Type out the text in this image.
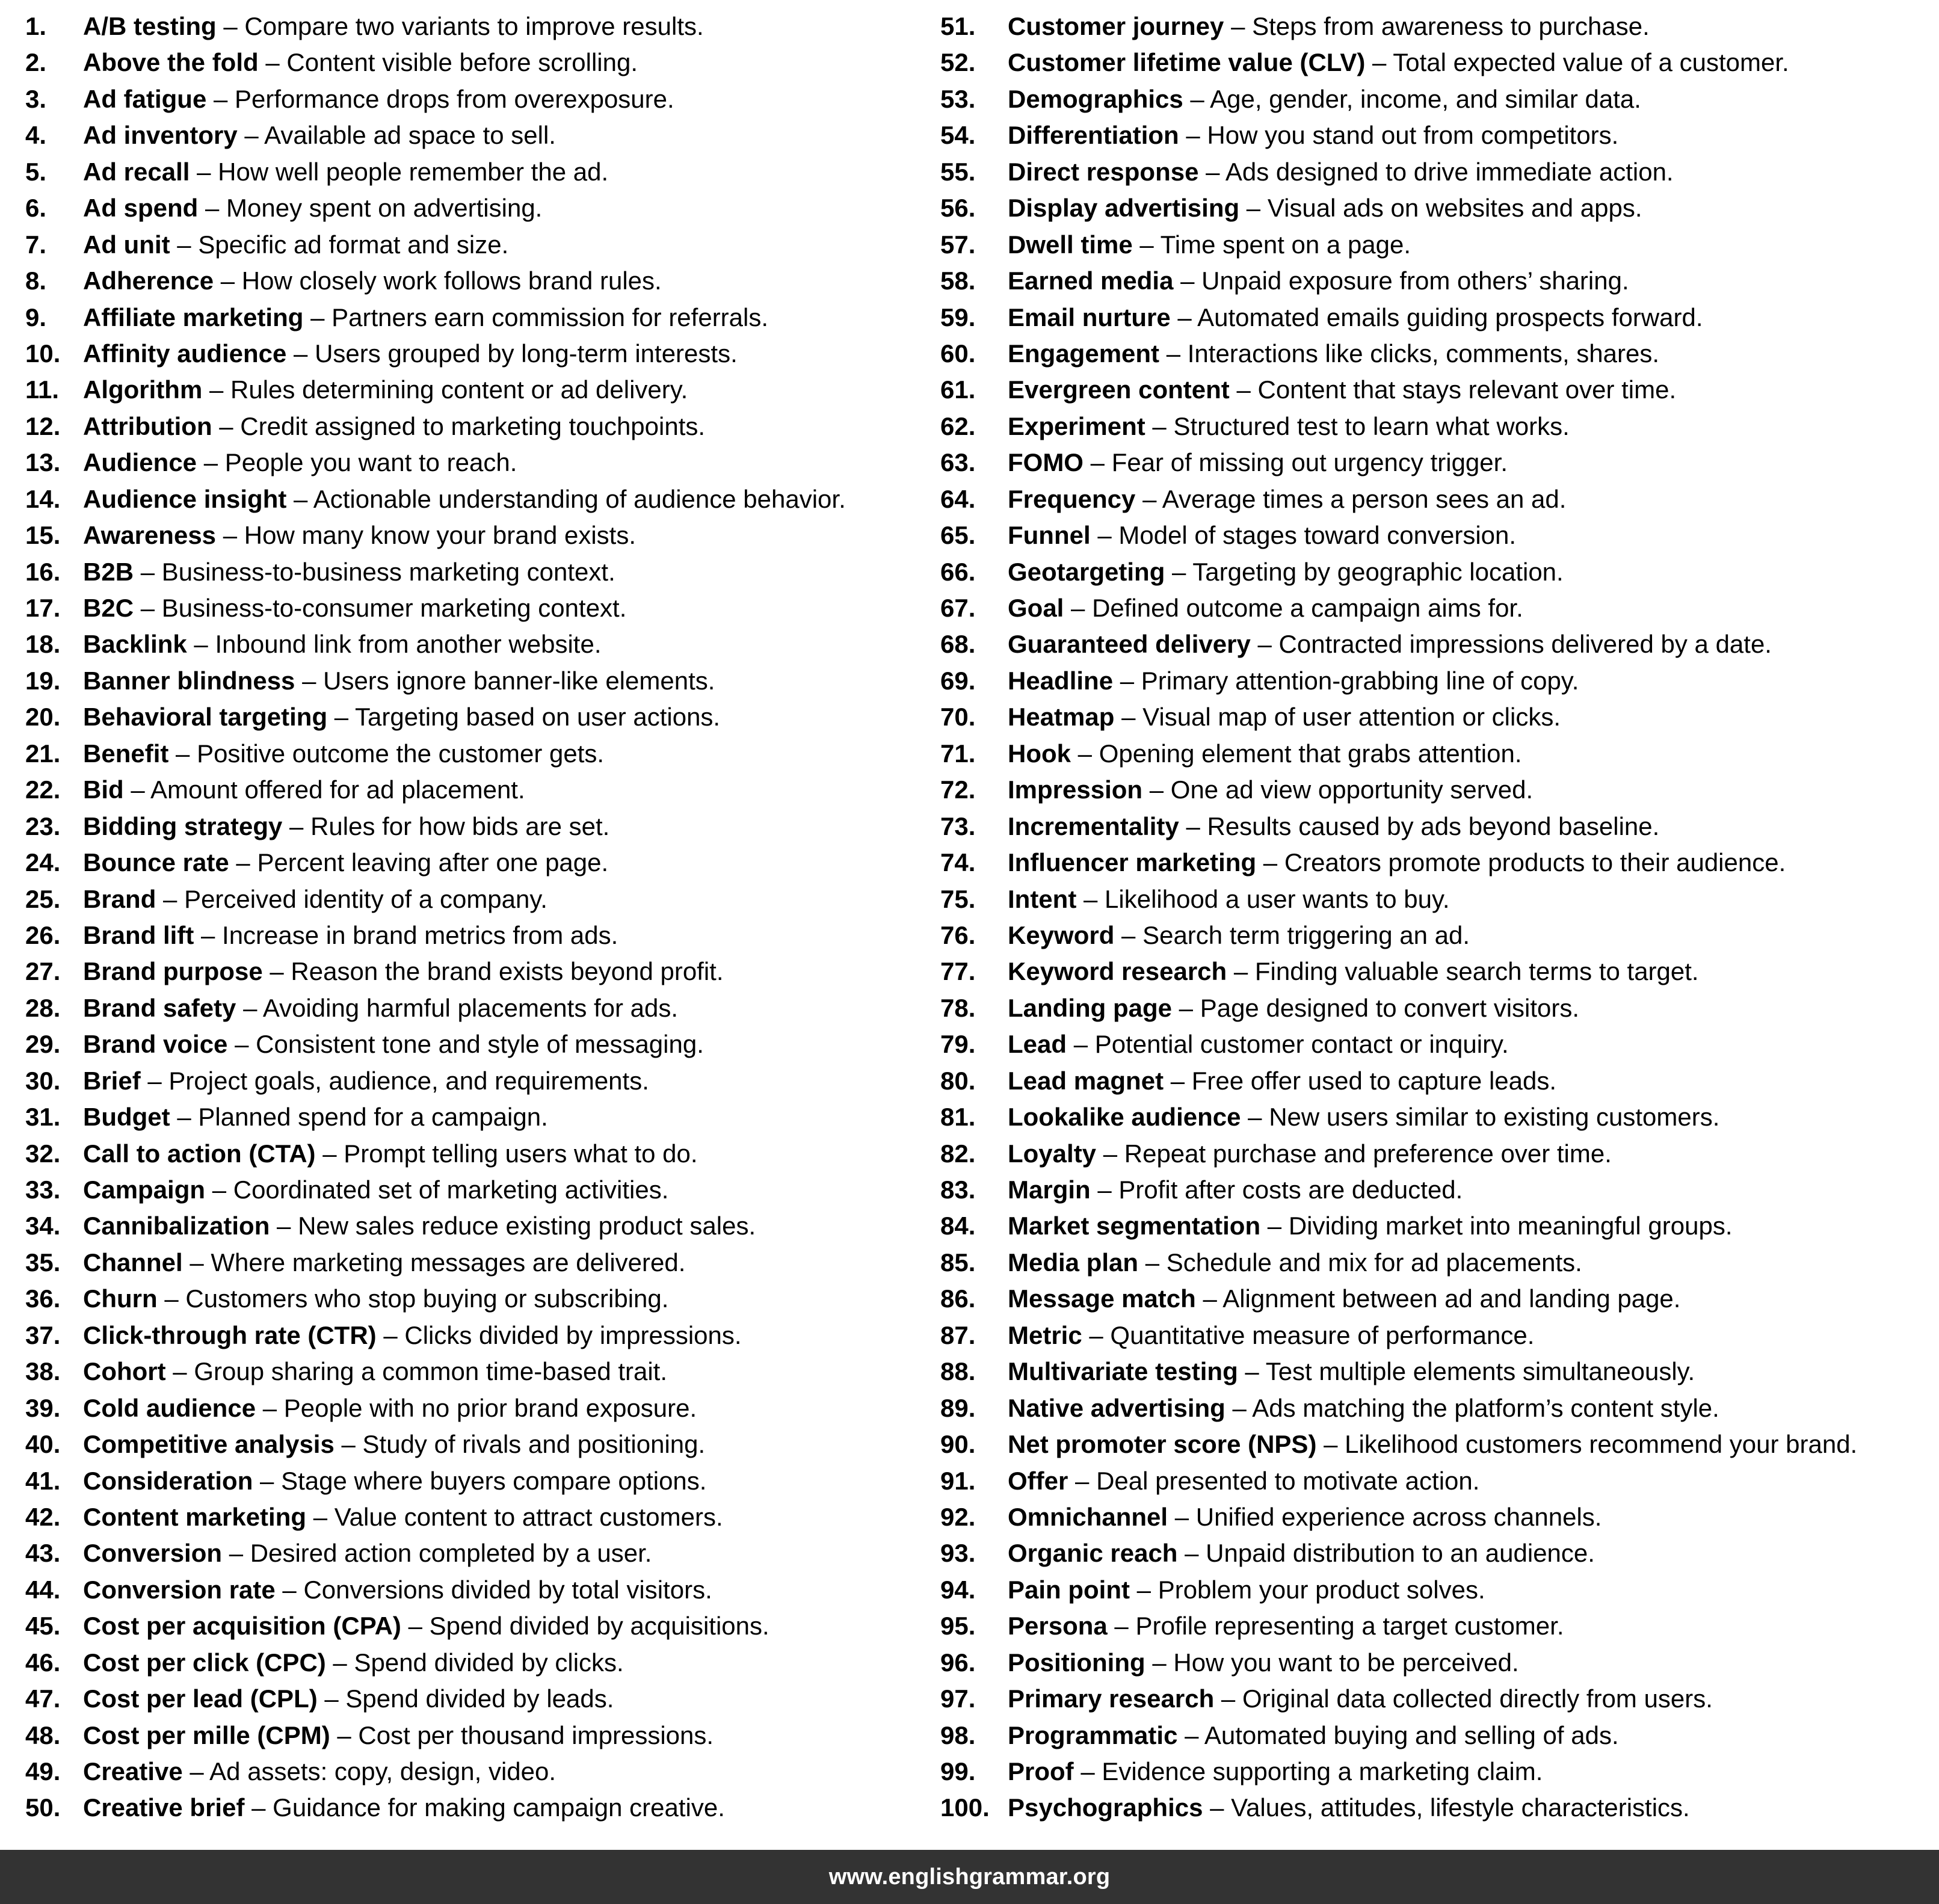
1.	A/B testing – Compare two variants to improve results.
2.	Above the fold – Content visible before scrolling.
3.	Ad fatigue – Performance drops from overexposure.
4.	Ad inventory – Available ad space to sell.
5.	Ad recall – How well people remember the ad.
6.	Ad spend – Money spent on advertising.
7.	Ad unit – Specific ad format and size.
8.	Adherence – How closely work follows brand rules.
9.	Affiliate marketing – Partners earn commission for referrals.
10. Affinity audience – Users grouped by long-term interests.
11. Algorithm – Rules determining content or ad delivery.
12. Attribution – Credit assigned to marketing touchpoints.
13. Audience – People you want to reach.
14. Audience insight – Actionable understanding of audience behavior.
15. Awareness – How many know your brand exists.
16. B2B – Business-to-business marketing context.
17. B2C – Business-to-consumer marketing context.
18. Backlink – Inbound link from another website.
19. Banner blindness – Users ignore banner-like elements.
20. Behavioral targeting – Targeting based on user actions.
21. Benefit – Positive outcome the customer gets.
22. Bid – Amount offered for ad placement.
23. Bidding strategy – Rules for how bids are set.
24. Bounce rate – Percent leaving after one page.
25. Brand – Perceived identity of a company.
26. Brand lift – Increase in brand metrics from ads.
27. Brand purpose – Reason the brand exists beyond profit.
28. Brand safety – Avoiding harmful placements for ads.
29. Brand voice – Consistent tone and style of messaging.
30. Brief – Project goals, audience, and requirements.
31. Budget – Planned spend for a campaign.
32. Call to action (CTA) – Prompt telling users what to do.
33. Campaign – Coordinated set of marketing activities.
34. Cannibalization – New sales reduce existing product sales.
35. Channel – Where marketing messages are delivered.
36. Churn – Customers who stop buying or subscribing.
37. Click-through rate (CTR) – Clicks divided by impressions.
38. Cohort – Group sharing a common time-based trait.
39. Cold audience – People with no prior brand exposure.
40. Competitive analysis – Study of rivals and positioning.
41. Consideration – Stage where buyers compare options.
42. Content marketing – Value content to attract customers.
43. Conversion – Desired action completed by a user.
44. Conversion rate – Conversions divided by total visitors.
45. Cost per acquisition (CPA) – Spend divided by acquisitions.
46. Cost per click (CPC) – Spend divided by clicks.
47. Cost per lead (CPL) – Spend divided by leads.
48. Cost per mille (CPM) – Cost per thousand impressions.
49. Creative – Ad assets: copy, design, video.
50. Creative brief – Guidance for making campaign creative.
51.	Customer journey – Steps from awareness to purchase.
52.	Customer lifetime value (CLV) – Total expected value of a customer.
53.	Demographics – Age, gender, income, and similar data.
54.	Differentiation – How you stand out from competitors.
55.	Direct response – Ads designed to drive immediate action.
56.	Display advertising – Visual ads on websites and apps.
57.	Dwell time – Time spent on a page.
58.	Earned media – Unpaid exposure from others’ sharing.
59.	Email nurture – Automated emails guiding prospects forward.
60.	Engagement – Interactions like clicks, comments, shares.
61.	Evergreen content – Content that stays relevant over time.
62.	Experiment – Structured test to learn what works.
63.	FOMO – Fear of missing out urgency trigger.
64.	Frequency – Average times a person sees an ad.
65.	Funnel – Model of stages toward conversion.
66.	Geotargeting – Targeting by geographic location.
67.	Goal – Defined outcome a campaign aims for.
68.	Guaranteed delivery – Contracted impressions delivered by a date.
69.	Headline – Primary attention-grabbing line of copy.
70.	Heatmap – Visual map of user attention or clicks.
71.	Hook – Opening element that grabs attention.
72.	Impression – One ad view opportunity served.
73.	Incrementality – Results caused by ads beyond baseline.
74.	Influencer marketing – Creators promote products to their audience.
75.	Intent – Likelihood a user wants to buy.
76.	Keyword – Search term triggering an ad.
77.	Keyword research – Finding valuable search terms to target.
78.	Landing page – Page designed to convert visitors.
79.	Lead – Potential customer contact or inquiry.
80.	Lead magnet – Free offer used to capture leads.
81.	Lookalike audience – New users similar to existing customers.
82.	Loyalty – Repeat purchase and preference over time.
83.	Margin – Profit after costs are deducted.
84.	Market segmentation – Dividing market into meaningful groups.
85.	Media plan – Schedule and mix for ad placements.
86.	Message match – Alignment between ad and landing page.
87.	Metric – Quantitative measure of performance.
88.	Multivariate testing – Test multiple elements simultaneously.
89.	Native advertising – Ads matching the platform’s content style.
90.	Net promoter score (NPS) – Likelihood customers recommend your brand.
91.	Offer – Deal presented to motivate action.
92.	Omnichannel – Unified experience across channels.
93.	Organic reach – Unpaid distribution to an audience.
94.	Pain point – Problem your product solves.
95.	Persona – Profile representing a target customer.
96.	Positioning – How you want to be perceived.
97.	Primary research – Original data collected directly from users.
98.	Programmatic – Automated buying and selling of ads.
99.	Proof – Evidence supporting a marketing claim.
100. Psychographics – Values, attitudes, lifestyle characteristics.
www.englishgrammar.org
